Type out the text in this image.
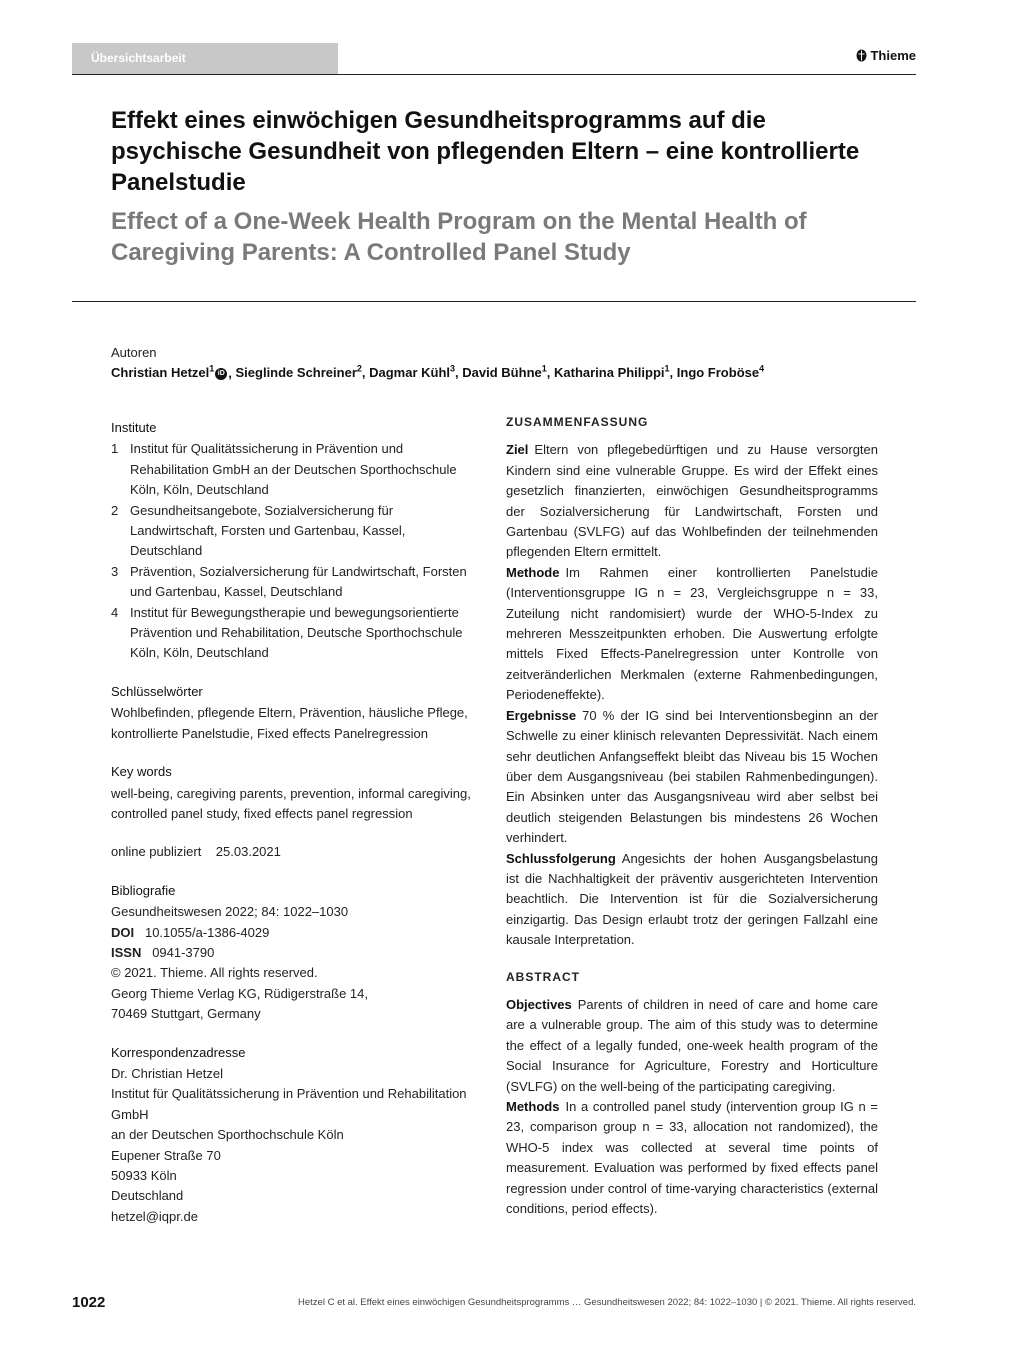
Übersichtsarbeit	Thieme
Effekt eines einwöchigen Gesundheitsprogramms auf die psychische Gesundheit von pflegenden Eltern – eine kontrollierte Panelstudie
Effect of a One-Week Health Program on the Mental Health of Caregiving Parents: A Controlled Panel Study
Autoren
Christian Hetzel$^1$ iD , Sieglinde Schreiner$^2$, Dagmar Kühl$^3$, David Bühne$^1$, Katharina Philippi$^1$, Ingo Froböse$^4$
Institute
1 Institut für Qualitätssicherung in Prävention und Rehabilitation GmbH an der Deutschen Sporthochschule Köln, Köln, Deutschland
2 Gesundheitsangebote, Sozialversicherung für Landwirtschaft, Forsten und Gartenbau, Kassel, Deutschland
3 Prävention, Sozialversicherung für Landwirtschaft, Forsten und Gartenbau, Kassel, Deutschland
4 Institut für Bewegungstherapie und bewegungsorientierte Prävention und Rehabilitation, Deutsche Sporthochschule Köln, Köln, Deutschland
Schlüsselwörter
Wohlbefinden, pflegende Eltern, Prävention, häusliche Pflege, kontrollierte Panelstudie, Fixed effects Panelregression
Key words
well-being, caregiving parents, prevention, informal caregiving, controlled panel study, fixed effects panel regression
online publiziert 25.03.2021
Bibliografie
Gesundheitswesen 2022; 84: 1022–1030
DOI 10.1055/a-1386-4029
ISSN 0941-3790
© 2021. Thieme. All rights reserved.
Georg Thieme Verlag KG, Rüdigerstraße 14,
70469 Stuttgart, Germany
Korrespondenzadresse
Dr. Christian Hetzel
Institut für Qualitätssicherung in Prävention und Rehabilitation GmbH
an der Deutschen Sporthochschule Köln
Eupener Straße 70
50933 Köln
Deutschland
hetzel@iqpr.de
ZUSAMMENFASSUNG

Ziel Eltern von pflegebedürftigen und zu Hause versorgten Kindern sind eine vulnerable Gruppe. Es wird der Effekt eines gesetzlich finanzierten, einwöchigen Gesundheitsprogramms der Sozialversicherung für Landwirtschaft, Forsten und Gartenbau (SVLFG) auf das Wohlbefinden der teilnehmenden pflegenden Eltern ermittelt.

Methode Im Rahmen einer kontrollierten Panelstudie (Interventionsgruppe IG n = 23, Vergleichsgruppe n = 33, Zuteilung nicht randomisiert) wurde der WHO-5-Index zu mehreren Messzeitpunkten erhoben. Die Auswertung erfolgte mittels Fixed Effects-Panelregression unter Kontrolle von zeitveränderlichen Merkmalen (externe Rahmenbedingungen, Periodeneffekte).

Ergebnisse 70 % der IG sind bei Interventionsbeginn an der Schwelle zu einer klinisch relevanten Depressivität. Nach einem sehr deutlichen Anfangseffekt bleibt das Niveau bis 15 Wochen über dem Ausgangsniveau (bei stabilen Rahmenbedingungen). Ein Absinken unter das Ausgangsniveau wird aber selbst bei deutlich steigenden Belastungen bis mindestens 26 Wochen verhindert.

Schlussfolgerung Angesichts der hohen Ausgangsbelastung ist die Nachhaltigkeit der präventiv ausgerichteten Intervention beachtlich. Die Intervention ist für die Sozialversicherung einzigartig. Das Design erlaubt trotz der geringen Fallzahl eine kausale Interpretation.

ABSTRACT

Objectives Parents of children in need of care and home care are a vulnerable group. The aim of this study was to determine the effect of a legally funded, one-week health program of the Social Insurance for Agriculture, Forestry and Horticulture (SVLFG) on the well-being of the participating caregiving.

Methods In a controlled panel study (intervention group IG n = 23, comparison group n = 33, allocation not randomized), the WHO-5 index was collected at several time points of measurement. Evaluation was performed by fixed effects panel regression under control of time-varying characteristics (external conditions, period effects).

1022	Hetzel C et al. Effekt eines einwöchigen Gesundheitsprogramms … Gesundheitswesen 2022; 84: 1022–1030 | © 2021. Thieme. All rights reserved.
